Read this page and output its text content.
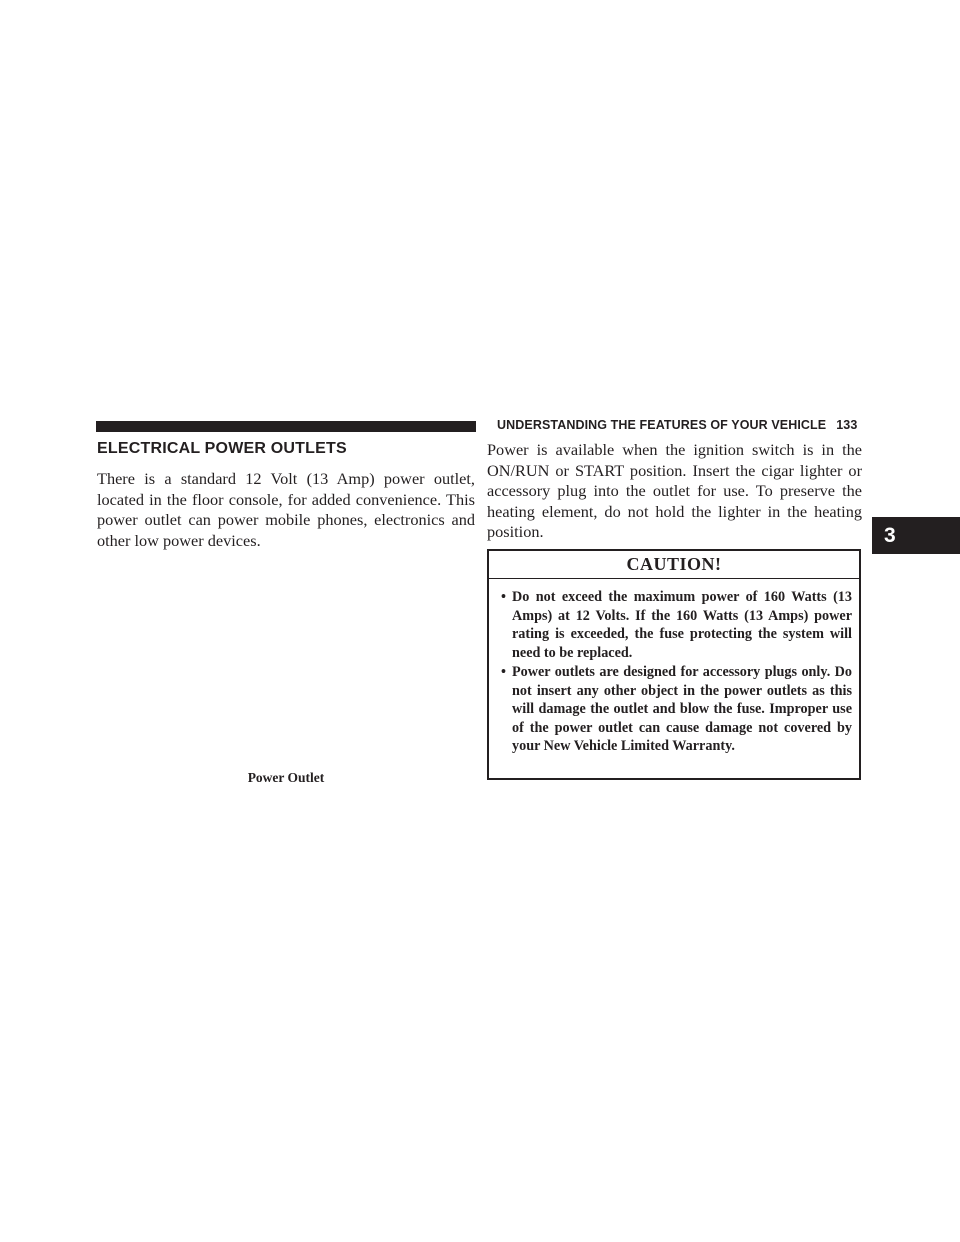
UNDERSTANDING THE FEATURES OF YOUR VEHICLE 133
3
ELECTRICAL POWER OUTLETS

There is a standard 12 Volt (13 Amp) power outlet, located in the floor console, for added convenience. This power outlet can power mobile phones, electronics and other low power devices.

Power Outlet

Power is available when the ignition switch is in the ON/RUN or START position. Insert the cigar lighter or accessory plug into the outlet for use. To preserve the heating element, do not hold the lighter in the heating position.

CAUTION!
• Do not exceed the maximum power of 160 Watts (13 Amps) at 12 Volts. If the 160 Watts (13 Amps) power rating is exceeded, the fuse protecting the system will need to be replaced.
• Power outlets are designed for accessory plugs only. Do not insert any other object in the power outlets as this will damage the outlet and blow the fuse. Improper use of the power outlet can cause damage not covered by your New Vehicle Limited Warranty.
